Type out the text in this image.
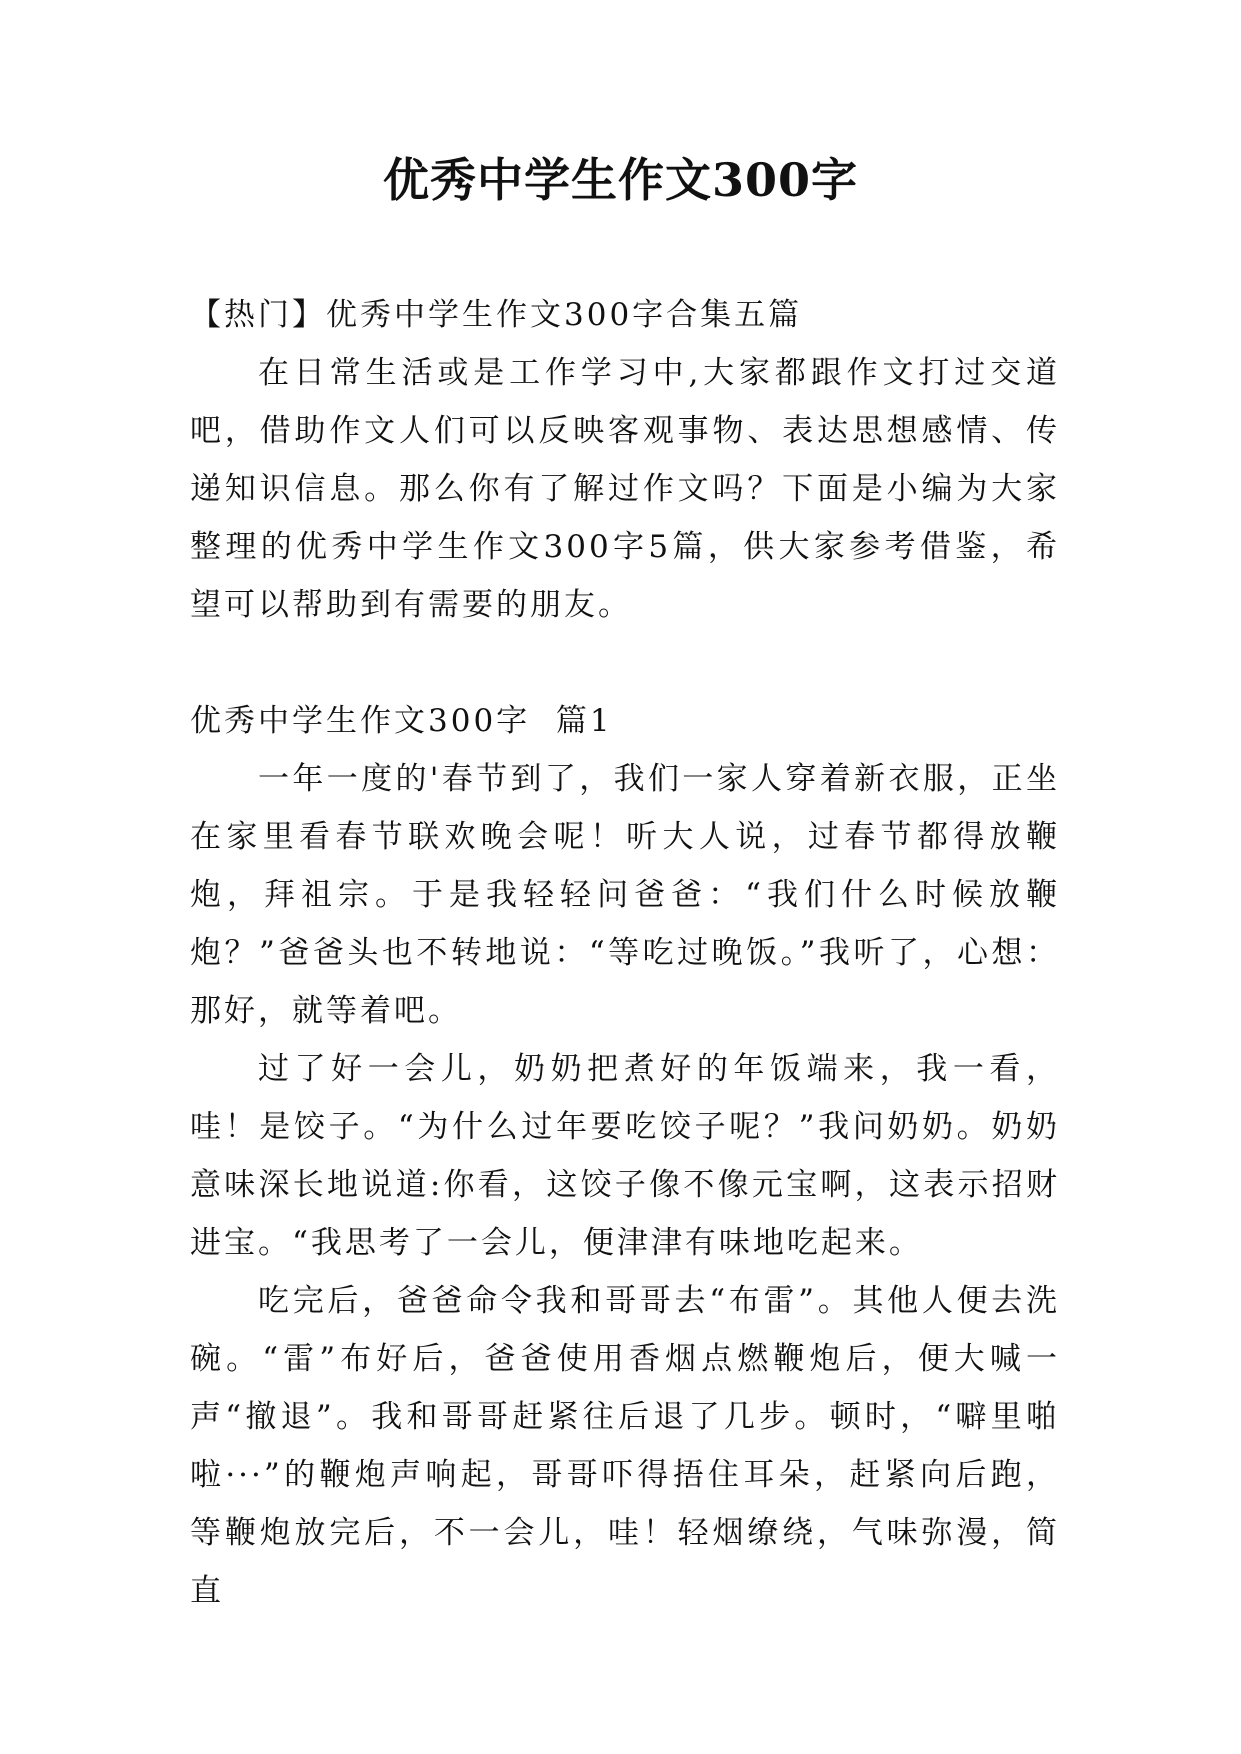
优秀中学生作文300字

【热门】优秀中学生作文300字合集五篇

在日常生活或是工作学习中,大家都跟作文打过交道吧，借助作文人们可以反映客观事物、表达思想感情、传递知识信息。那么你有了解过作文吗？下面是小编为大家整理的优秀中学生作文300字5篇，供大家参考借鉴，希望可以帮助到有需要的朋友。

优秀中学生作文300字  篇1

一年一度的'春节到了，我们一家人穿着新衣服，正坐在家里看春节联欢晚会呢！听大人说，过春节都得放鞭炮，拜祖宗。于是我轻轻问爸爸：“我们什么时候放鞭炮？”爸爸头也不转地说：“等吃过晚饭。”我听了，心想：那好，就等着吧。

过了好一会儿，奶奶把煮好的年饭端来，我一看，哇！是饺子。“为什么过年要吃饺子呢？”我问奶奶。奶奶意味深长地说道:你看，这饺子像不像元宝啊，这表示招财进宝。“我思考了一会儿，便津津有味地吃起来。

吃完后，爸爸命令我和哥哥去“布雷”。其他人便去洗碗。“雷”布好后，爸爸使用香烟点燃鞭炮后，便大喊一声“撤退”。我和哥哥赶紧往后退了几步。顿时，“噼里啪啦···”的鞭炮声响起，哥哥吓得捂住耳朵，赶紧向后跑，等鞭炮放完后，不一会儿，哇！轻烟缭绕，气味弥漫，简直
